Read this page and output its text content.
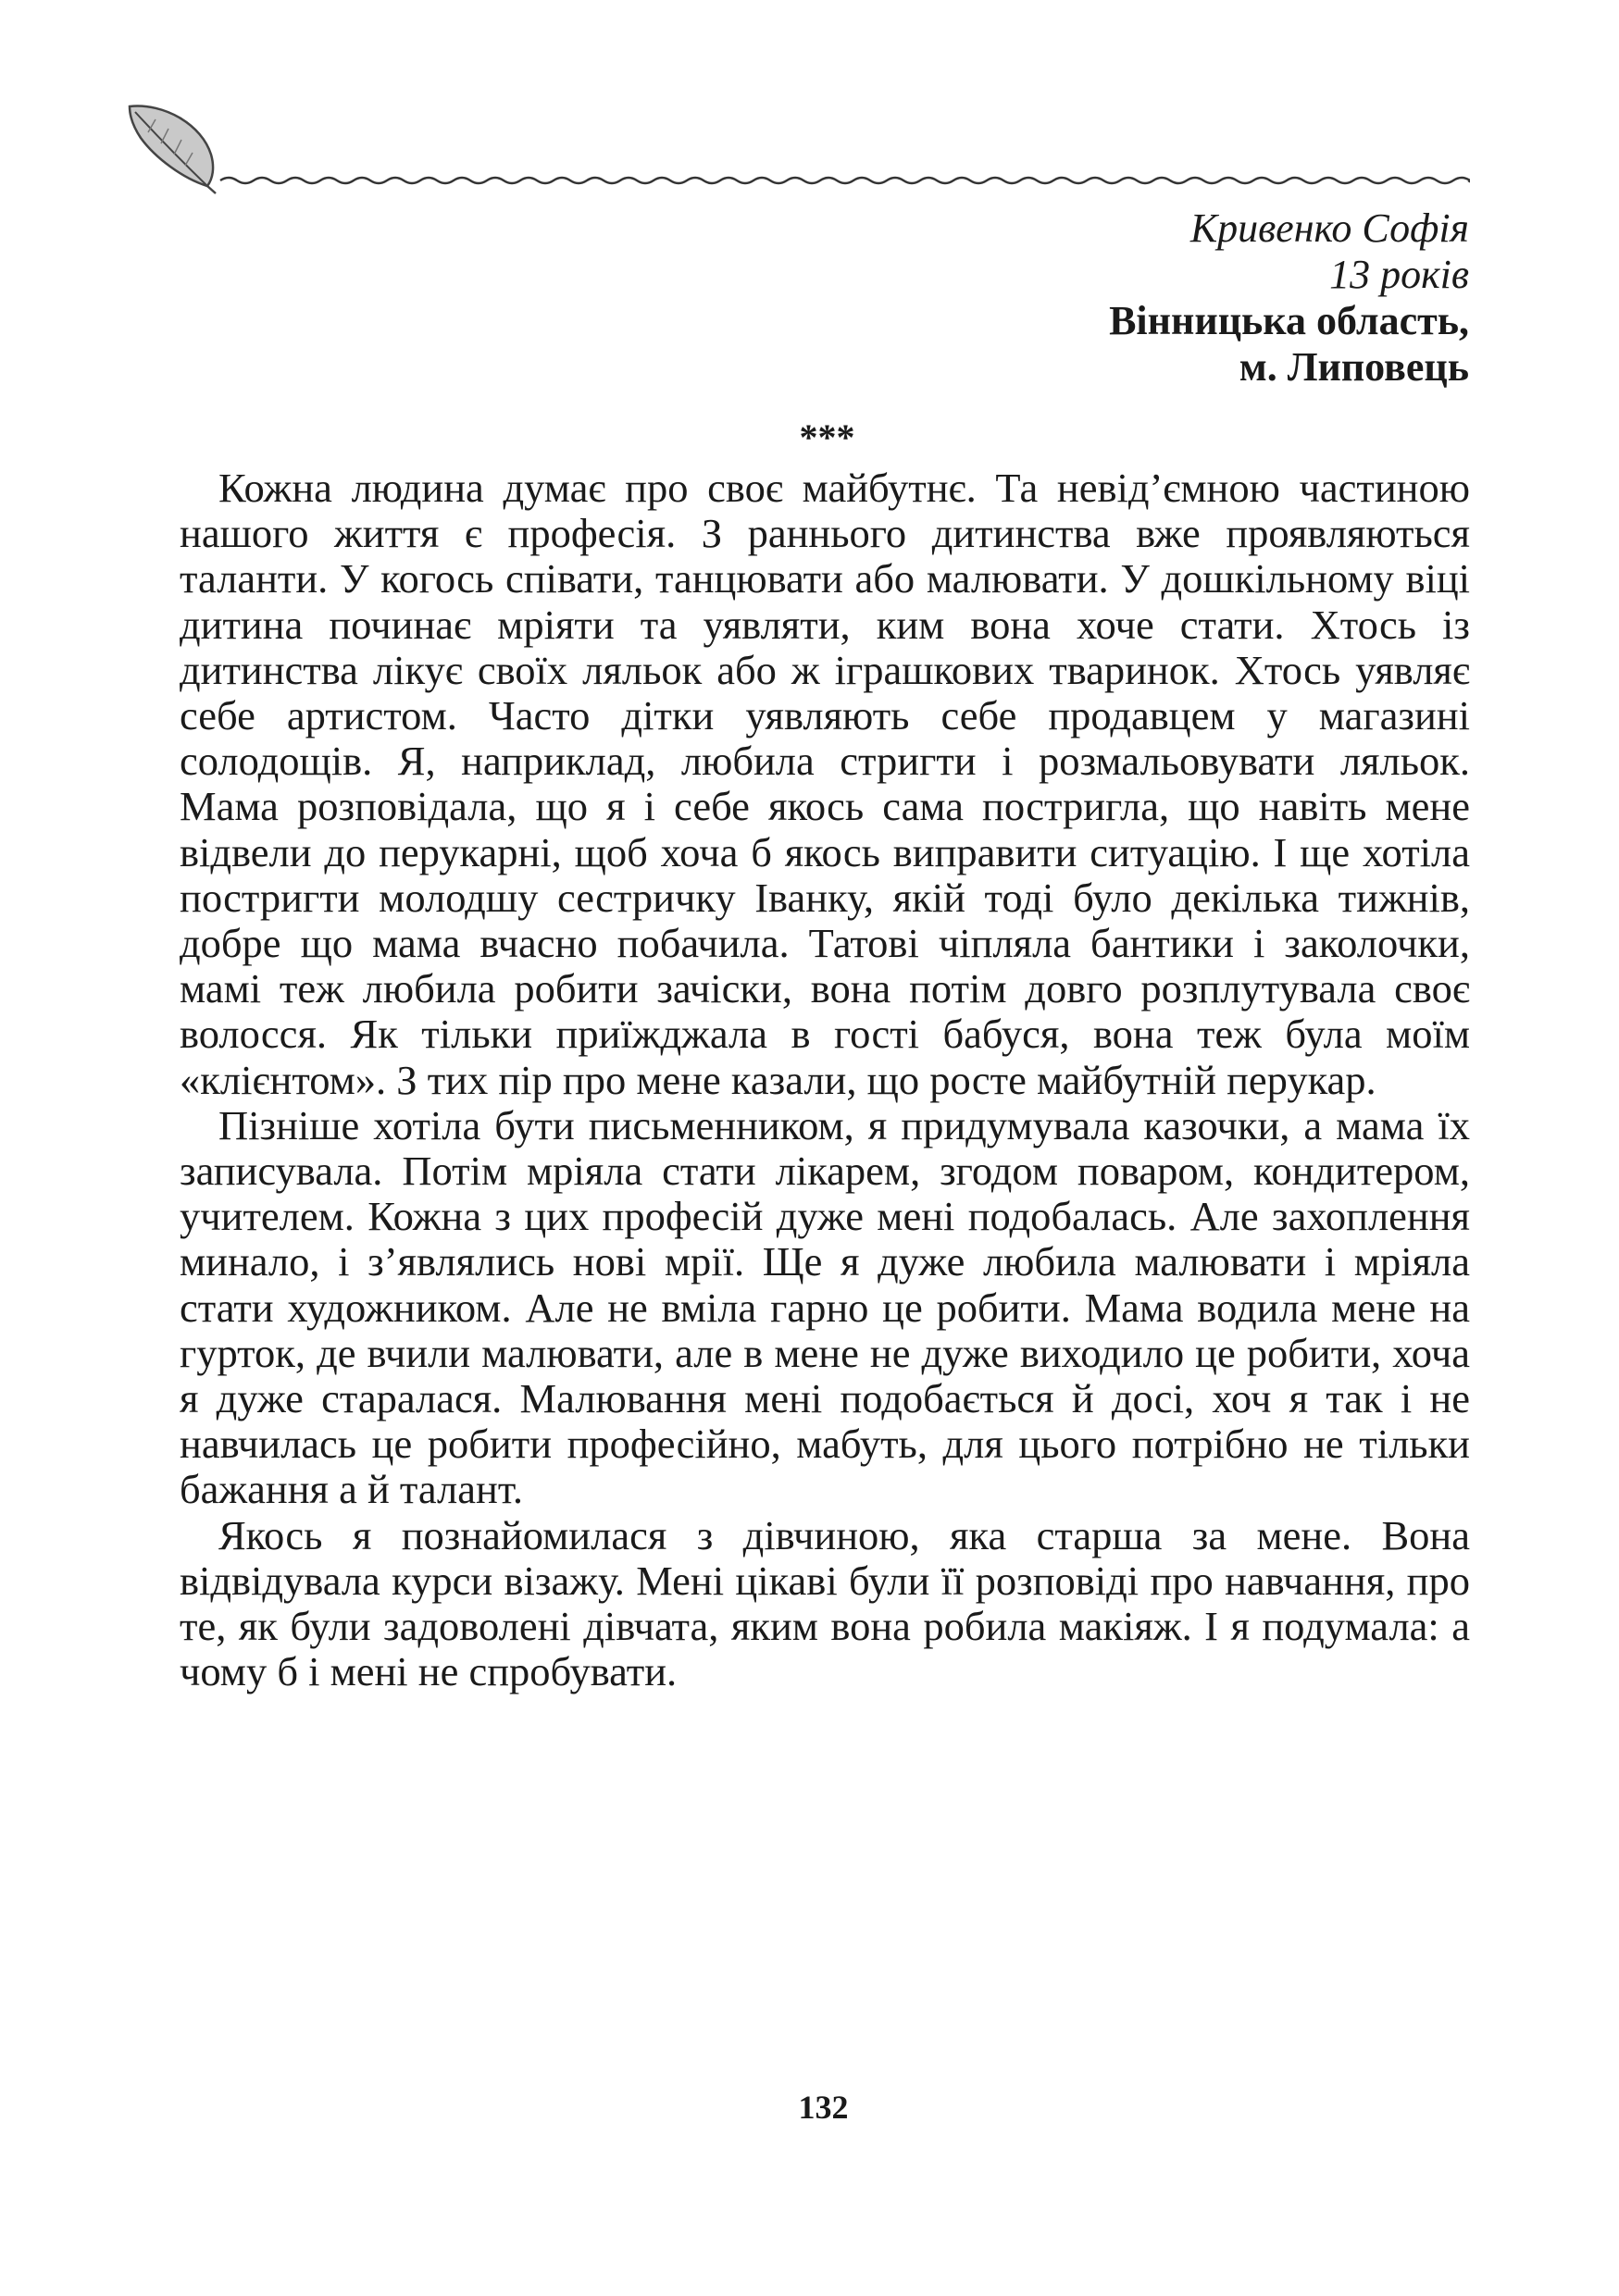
Кривенко Софія
13 років
Вінницька область,
м. Липовець
***

Кожна людина думає про своє майбутнє. Та невід’ємною частиною нашого життя є професія. З раннього дитинства вже проявляються таланти. У когось співати, танцювати або малювати. У дошкільному віці дитина починає мріяти та уявляти, ким вона хоче стати. Хтось із дитинства лікує своїх ляльок або ж іграшкових тваринок. Хтось уявляє себе артистом. Часто дітки уявляють себе продавцем у магазині солодощів. Я, наприклад, любила стригти і розмальовувати ляльок. Мама розповідала, що я і себе якось сама постригла, що навіть мене відвели до перукарні, щоб хоча б якось виправити ситуацію. І ще хотіла постригти молодшу сестричку Іванку, якій тоді було декілька тижнів, добре що мама вчасно побачила. Татові чіпляла бантики і заколочки, мамі теж любила робити зачіски, вона потім довго розплутувала своє волосся. Як тільки приїжджала в гості бабуся, вона теж була моїм «клієнтом». З тих пір про мене казали, що росте майбутній перукар.

Пізніше хотіла бути письменником, я придумувала казочки, а мама їх записувала. Потім мріяла стати лікарем, згодом поваром, кондитером, учителем. Кожна з цих професій дуже мені подобалась. Але захоплення минало, і з’являлись нові мрії. Ще я дуже любила малювати і мріяла стати художником. Але не вміла гарно це робити. Мама водила мене на гурток, де вчили малювати, але в мене не дуже виходило це робити, хоча я дуже старалася. Малювання мені подобається й досі, хоч я так і не навчилась це робити професійно, мабуть, для цього потрібно не тільки бажання а й талант.

Якось я познайомилася з дівчиною, яка старша за мене. Вона відвідувала курси візажу. Мені цікаві були її розповіді про навчання, про те, як були задоволені дівчата, яким вона робила макіяж. І я подумала: а чому б і мені не спробувати.

132
